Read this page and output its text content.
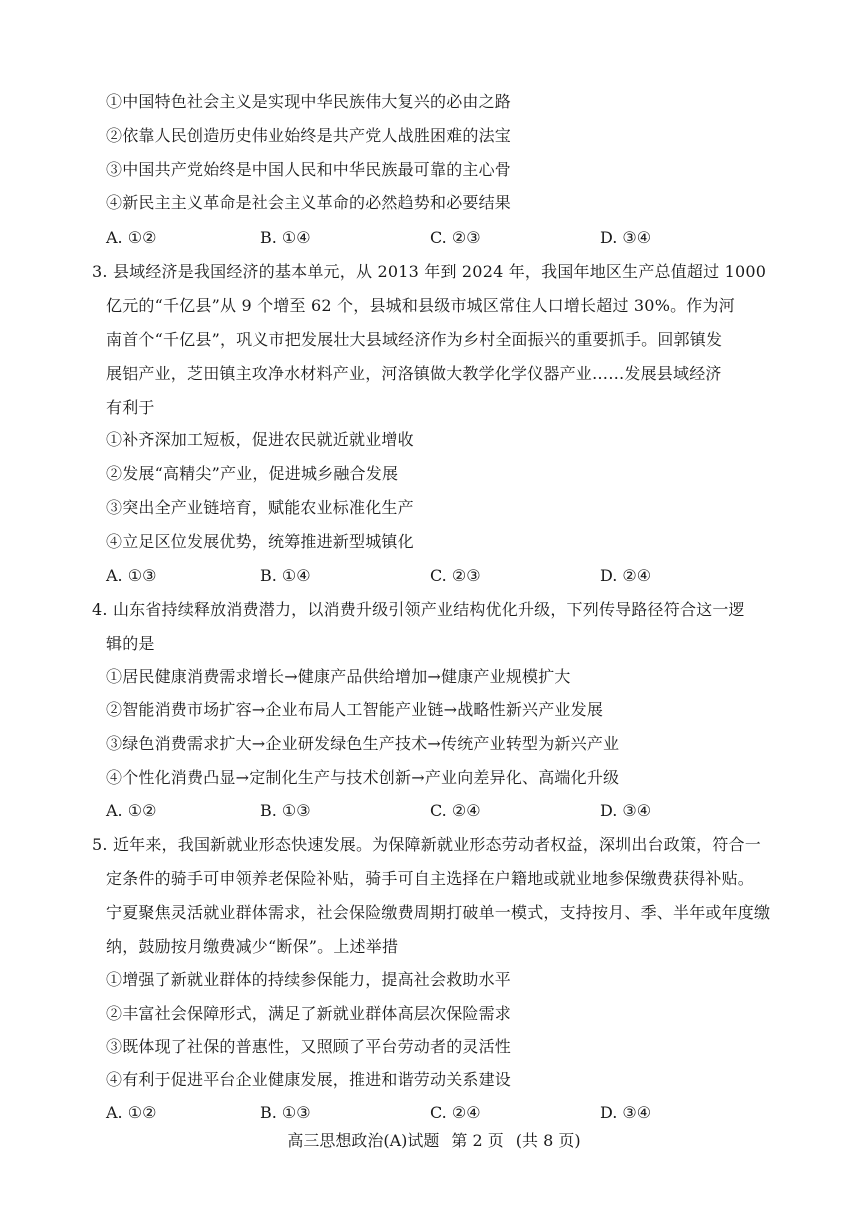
①中国特色社会主义是实现中华民族伟大复兴的必由之路
②依靠人民创造历史伟业始终是共产党人战胜困难的法宝
③中国共产党始终是中国人民和中华民族最可靠的主心骨
④新民主主义革命是社会主义革命的必然趋势和必要结果
A. ①②	B. ①④	C. ②③	D. ③④
3. 县域经济是我国经济的基本单元，从 2013 年到 2024 年，我国年地区生产总值超过 1000
亿元的“千亿县”从 9 个增至 62 个，县城和县级市城区常住人口增长超过 30%。作为河
南首个“千亿县”，巩义市把发展壮大县域经济作为乡村全面振兴的重要抓手。回郭镇发
展铝产业，芝田镇主攻净水材料产业，河洛镇做大教学化学仪器产业……发展县域经济
有利于
①补齐深加工短板，促进农民就近就业增收
②发展“高精尖”产业，促进城乡融合发展
③突出全产业链培育，赋能农业标准化生产
④立足区位发展优势，统筹推进新型城镇化
A. ①③	B. ①④	C. ②③	D. ②④
4. 山东省持续释放消费潜力，以消费升级引领产业结构优化升级，下列传导路径符合这一逻
辑的是
①居民健康消费需求增长→健康产品供给增加→健康产业规模扩大
②智能消费市场扩容→企业布局人工智能产业链→战略性新兴产业发展
③绿色消费需求扩大→企业研发绿色生产技术→传统产业转型为新兴产业
④个性化消费凸显→定制化生产与技术创新→产业向差异化、高端化升级
A. ①②	B. ①③	C. ②④	D. ③④
5. 近年来，我国新就业形态快速发展。为保障新就业形态劳动者权益，深圳出台政策，符合一
定条件的骑手可申领养老保险补贴，骑手可自主选择在户籍地或就业地参保缴费获得补贴。
宁夏聚焦灵活就业群体需求，社会保险缴费周期打破单一模式，支持按月、季、半年或年度缴
纳，鼓励按月缴费减少“断保”。上述举措
①增强了新就业群体的持续参保能力，提高社会救助水平
②丰富社会保障形式，满足了新就业群体高层次保险需求
③既体现了社保的普惠性，又照顾了平台劳动者的灵活性
④有利于促进平台企业健康发展，推进和谐劳动关系建设
A. ①②	B. ①③	C. ②④	D. ③④
高三思想政治(A)试题 第 2 页 (共 8 页)
